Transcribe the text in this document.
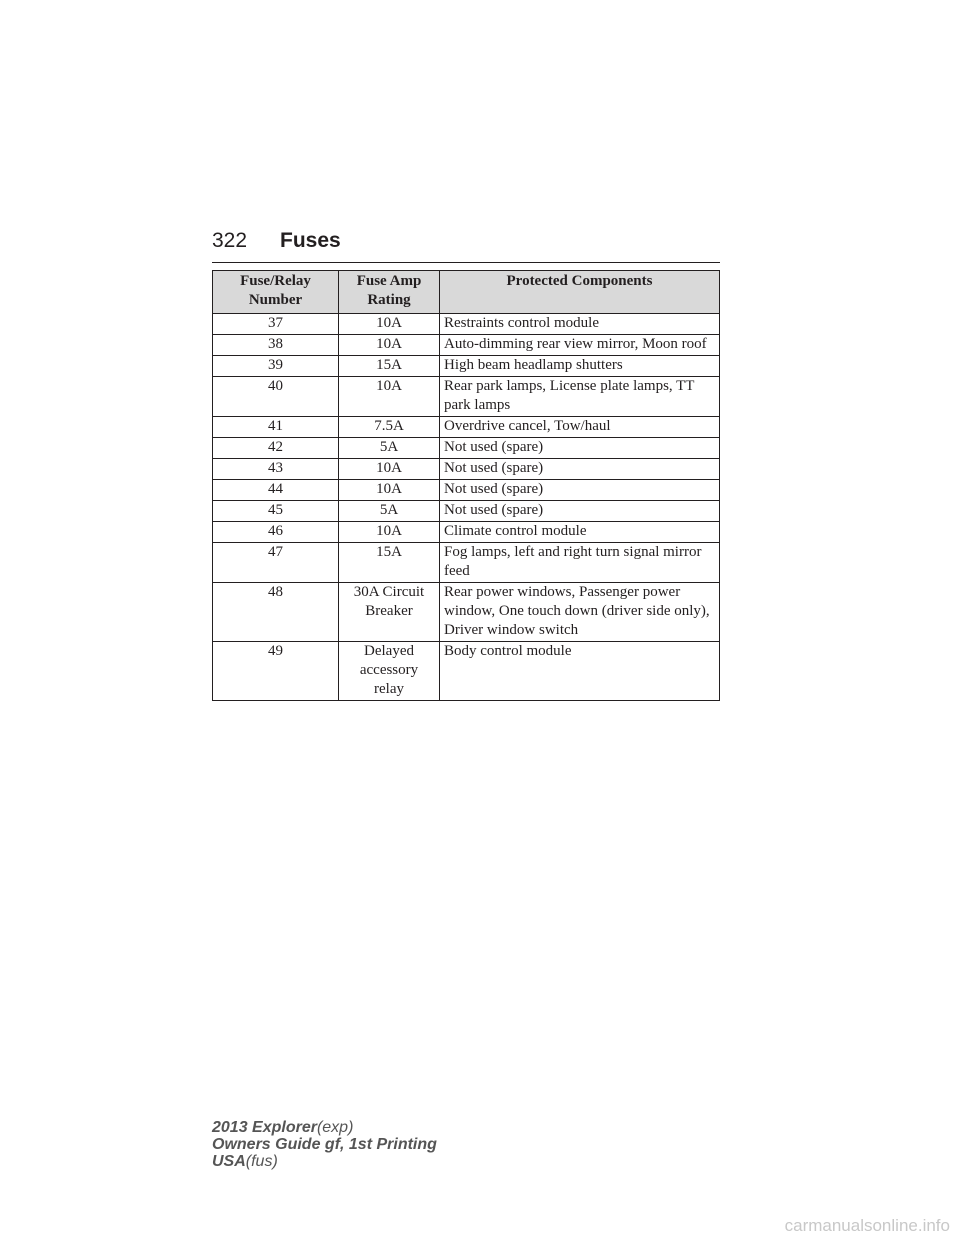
322 Fuses
Fuse/Relay Number	Fuse Amp Rating	Protected Components
37	10A	Restraints control module
38	10A	Auto-dimming rear view mirror, Moon roof
39	15A	High beam headlamp shutters
40	10A	Rear park lamps, License plate lamps, TT park lamps
41	7.5A	Overdrive cancel, Tow/haul
42	5A	Not used (spare)
43	10A	Not used (spare)
44	10A	Not used (spare)
45	5A	Not used (spare)
46	10A	Climate control module
47	15A	Fog lamps, left and right turn signal mirror feed
48	30A Circuit Breaker	Rear power windows, Passenger power window, One touch down (driver side only), Driver window switch
49	Delayed accessory relay	Body control module
2013 Explorer(exp)
Owners Guide gf, 1st Printing
USA(fus)
carmanualsonline.info
